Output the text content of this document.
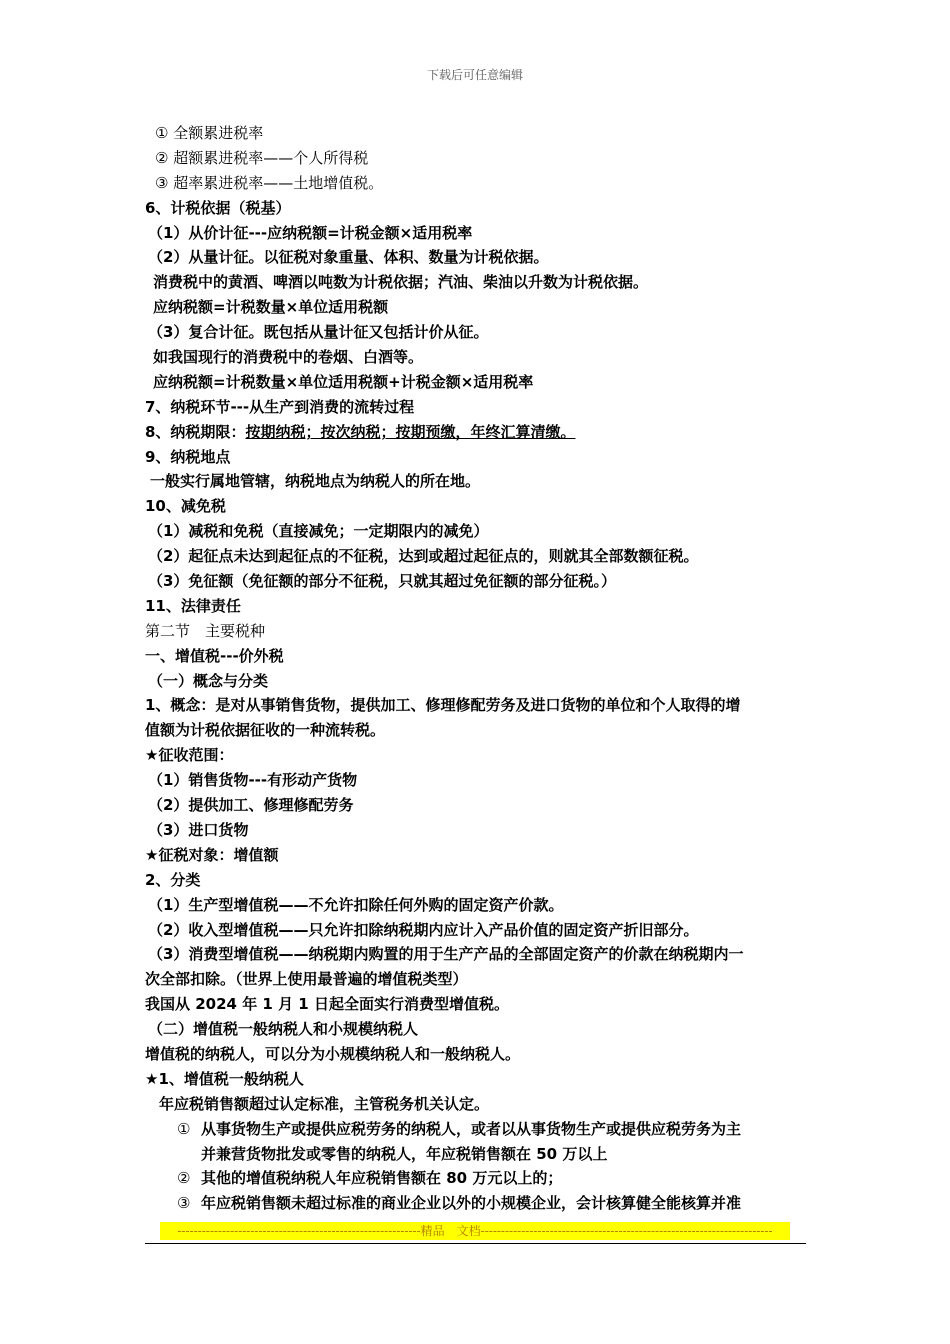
下载后可任意编辑
① 全额累进税率
② 超额累进税率——个人所得税
③ 超率累进税率——土地增值税。
6、计税依据（税基）
（1）从价计征---应纳税额=计税金额×适用税率
（2）从量计征。以征税对象重量、体积、数量为计税依据。
消费税中的黄酒、啤酒以吨数为计税依据；汽油、柴油以升数为计税依据。
应纳税额=计税数量×单位适用税额
（3）复合计征。既包括从量计征又包括计价从征。
如我国现行的消费税中的卷烟、白酒等。
应纳税额=计税数量×单位适用税额+计税金额×适用税率
7、纳税环节---从生产到消费的流转过程
8、纳税期限：按期纳税；按次纳税；按期预缴，年终汇算清缴。
9、纳税地点
一般实行属地管辖，纳税地点为纳税人的所在地。
10、减免税
（1）减税和免税（直接减免；一定期限内的减免）
（2）起征点未达到起征点的不征税，达到或超过起征点的，则就其全部数额征税。
（3）免征额（免征额的部分不征税，只就其超过免征额的部分征税。）
11、法律责任
第二节　主要税种
一、增值税---价外税
（一）概念与分类
1、概念：是对从事销售货物，提供加工、修理修配劳务及进口货物的单位和个人取得的增
值额为计税依据征收的一种流转税。
★征收范围：
（1）销售货物---有形动产货物
（2）提供加工、修理修配劳务
（3）进口货物
★征税对象：增值额
2、分类
（1）生产型增值税——不允许扣除任何外购的固定资产价款。
（2）收入型增值税——只允许扣除纳税期内应计入产品价值的固定资产折旧部分。
（3）消费型增值税——纳税期内购置的用于生产产品的全部固定资产的价款在纳税期内一
次全部扣除。（世界上使用最普遍的增值税类型）
我国从 2024 年 1 月 1 日起全面实行消费型增值税。
（二）增值税一般纳税人和小规模纳税人
增值税的纳税人，可以分为小规模纳税人和一般纳税人。
★1、增值税一般纳税人
年应税销售额超过认定标准，主管税务机关认定。
① 从事货物生产或提供应税劳务的纳税人，或者以从事货物生产或提供应税劳务为主
并兼营货物批发或零售的纳税人，年应税销售额在 50 万以上
② 其他的增值税纳税人年应税销售额在 80 万元以上的；
③ 年应税销售额未超过标准的商业企业以外的小规模企业，会计核算健全能核算并准
------------------------------------------------------------精品　文档------------------------------------------------------------------------
